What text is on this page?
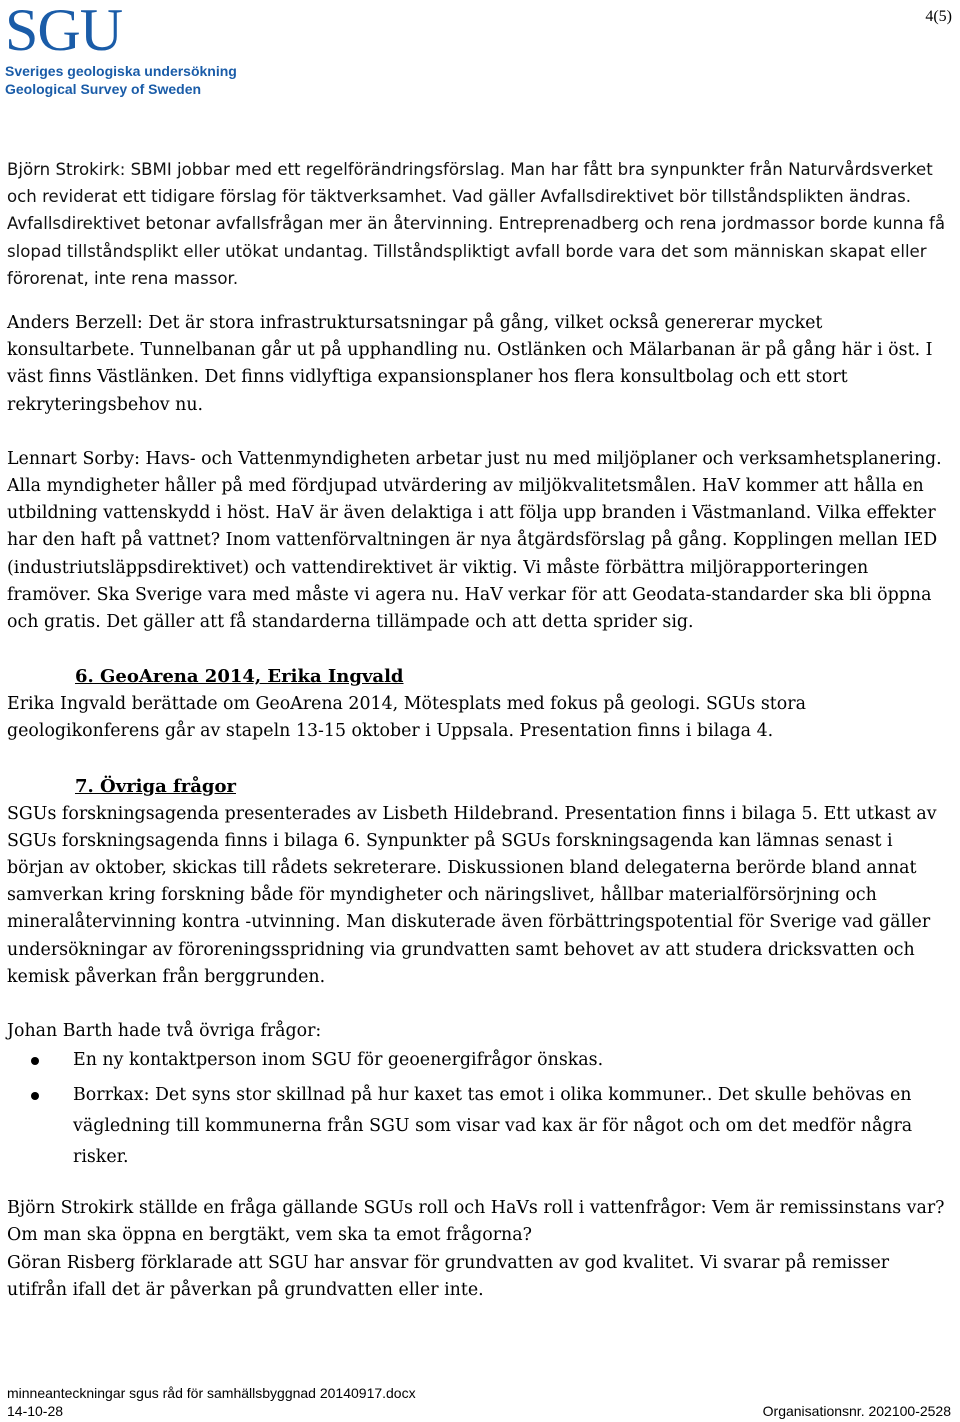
SGU
Sveriges geologiska undersökning
Geological Survey of Sweden
4(5)

Björn Strokirk: SBMI jobbar med ett regelförändringsförslag. Man har fått bra synpunkter från Naturvårdsverket och reviderat ett tidigare förslag för täktverksamhet. Vad gäller Avfallsdirektivet bör tillståndsplikten ändras. Avfallsdirektivet betonar avfallsfrågan mer än återvinning. Entreprenadberg och rena jordmassor borde kunna få slopad tillståndsplikt eller utökat undantag. Tillståndspliktigt avfall borde vara det som människan skapat eller förorenat, inte rena massor.

Anders Berzell: Det är stora infrastruktursatsningar på gång, vilket också genererar mycket konsultarbete. Tunnelbanan går ut på upphandling nu. Ostlänken och Mälarbanan är på gång här i öst. I väst finns Västlänken. Det finns vidlyftiga expansionsplaner hos flera konsultbolag och ett stort rekryteringsbehov nu.

Lennart Sorby: Havs- och Vattenmyndigheten arbetar just nu med miljöplaner och verksamhetsplanering. Alla myndigheter håller på med fördjupad utvärdering av miljökvalitetsmålen. HaV kommer att hålla en utbildning vattenskydd i höst. HaV är även delaktiga i att följa upp branden i Västmanland. Vilka effekter har den haft på vattnet? Inom vattenförvaltningen är nya åtgärdsförslag på gång. Kopplingen mellan IED (industriutsläppsdirektivet) och vattendirektivet är viktig. Vi måste förbättra miljörapporteringen framöver. Ska Sverige vara med måste vi agera nu. HaV verkar för att Geodata-standarder ska bli öppna och gratis. Det gäller att få standarderna tillämpade och att detta sprider sig.

6. GeoArena 2014, Erika Ingvald

Erika Ingvald berättade om GeoArena 2014, Mötesplats med fokus på geologi. SGUs stora geologikonferens går av stapeln 13-15 oktober i Uppsala. Presentation finns i bilaga 4.

7. Övriga frågor

SGUs forskningsagenda presenterades av Lisbeth Hildebrand. Presentation finns i bilaga 5. Ett utkast av SGUs forskningsagenda finns i bilaga 6. Synpunkter på SGUs forskningsagenda kan lämnas senast i början av oktober, skickas till rådets sekreterare. Diskussionen bland delegaterna berörde bland annat samverkan kring forskning både för myndigheter och näringslivet, hållbar materialförsörjning och mineralåtervinning kontra -utvinning. Man diskuterade även förbättringspotential för Sverige vad gäller undersökningar av föroreningsspridning via grundvatten samt behovet av att studera dricksvatten och kemisk påverkan från berggrunden.

Johan Barth hade två övriga frågor:

En ny kontaktperson inom SGU för geoenergifrågor önskas.
Borrkax: Det syns stor skillnad på hur kaxet tas emot i olika kommuner.. Det skulle behövas en vägledning till kommunerna från SGU som visar vad kax är för något och om det medför några risker.

Björn Strokirk ställde en fråga gällande SGUs roll och HaVs roll i vattenfrågor: Vem är remissinstans var? Om man ska öppna en bergtäkt, vem ska ta emot frågorna?

Göran Risberg förklarade att SGU har ansvar för grundvatten av god kvalitet. Vi svarar på remisser utifrån ifall det är påverkan på grundvatten eller inte.

minneanteckningar sgus råd för samhällsbyggnad 20140917.docx
14-10-28	Organisationsnr. 202100-2528
